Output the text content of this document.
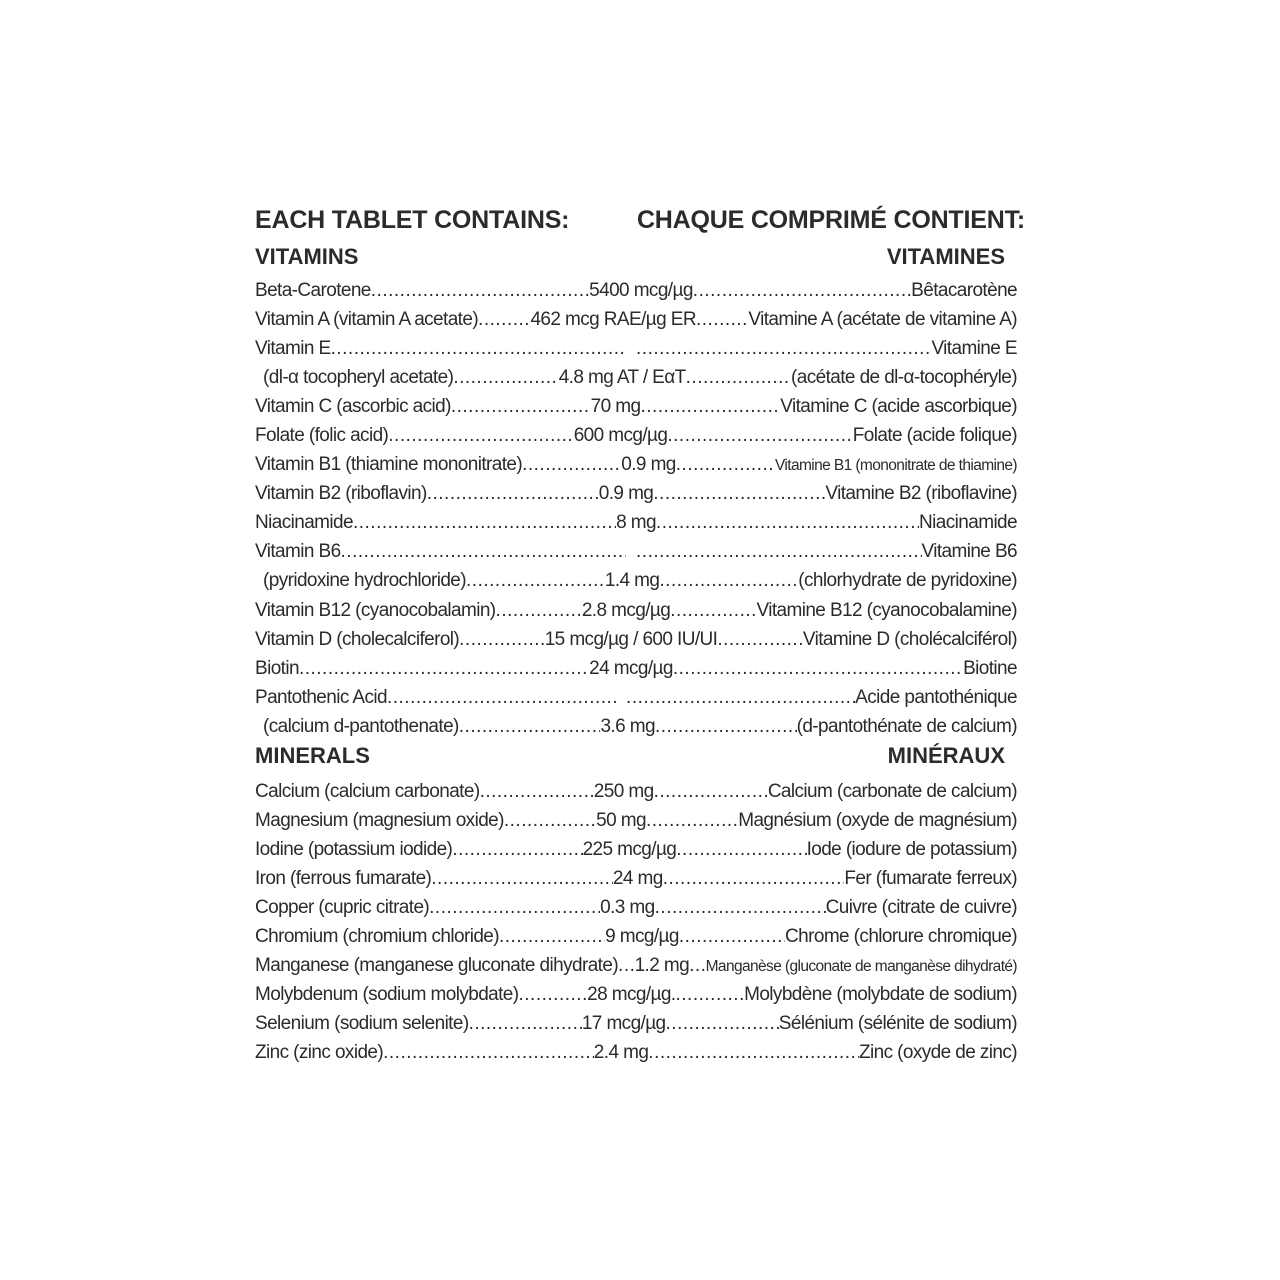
EACH TABLET CONTAINS:	CHAQUE COMPRIMÉ CONTIENT:
VITAMINS	VITAMINES
Beta-Carotene .....	5400 mcg/µg .....	Bêtacarotène
Vitamin A (vitamin A acetate) .....	462 mcg RAE/µg ER .....	Vitamine A (acétate de vitamine A)
Vitamin E ..... .....	Vitamine E
(dl-α tocopheryl acetate) .....	4.8 mg AT / EαT .....	(acétate de dl-α-tocophéryle)
Vitamin C (ascorbic acid) .....	70 mg .....	Vitamine C (acide ascorbique)
Folate (folic acid) .....	600 mcg/µg .....	Folate (acide folique)
Vitamin B1 (thiamine mononitrate) .....	0.9 mg .....	Vitamine B1 (mononitrate de thiamine)
Vitamin B2 (riboflavin) .....	0.9 mg .....	Vitamine B2 (riboflavine)
Niacinamide .....	8 mg .....	Niacinamide
Vitamin B6 ..... .....	Vitamine B6
(pyridoxine hydrochloride) .....	1.4 mg .....	(chlorhydrate de pyridoxine)
Vitamin B12 (cyanocobalamin) .....	2.8 mcg/µg .....	Vitamine B12 (cyanocobalamine)
Vitamin D (cholecalciferol) .....	15 mcg/µg / 600 IU/UI .....	Vitamine D (cholécalciférol)
Biotin .....	24 mcg/µg .....	Biotine
Pantothenic Acid ..... .....	Acide pantothénique
(calcium d-pantothenate) .....	3.6 mg .....	(d-pantothénate de calcium)
MINERALS	MINÉRAUX
Calcium (calcium carbonate) .....	250 mg .....	Calcium (carbonate de calcium)
Magnesium (magnesium oxide) .....	50 mg .....	Magnésium (oxyde de magnésium)
Iodine (potassium iodide) .....	225 mcg/µg .....	Iode (iodure de potassium)
Iron (ferrous fumarate) .....	24 mg .....	Fer (fumarate ferreux)
Copper (cupric citrate) .....	0.3 mg .....	Cuivre (citrate de cuivre)
Chromium (chromium chloride) .....	9 mcg/µg .....	Chrome (chlorure chromique)
Manganese (manganese gluconate dihydrate) ..... 1.2 mg ..... Manganèse (gluconate de manganèse dihydraté)
Molybdenum (sodium molybdate) .....	28 mcg/µg. .....	Molybdène (molybdate de sodium)
Selenium (sodium selenite) .....	17 mcg/µg .....	Sélénium (sélénite de sodium)
Zinc (zinc oxide) .....	2.4 mg .....	Zinc (oxyde de zinc)
